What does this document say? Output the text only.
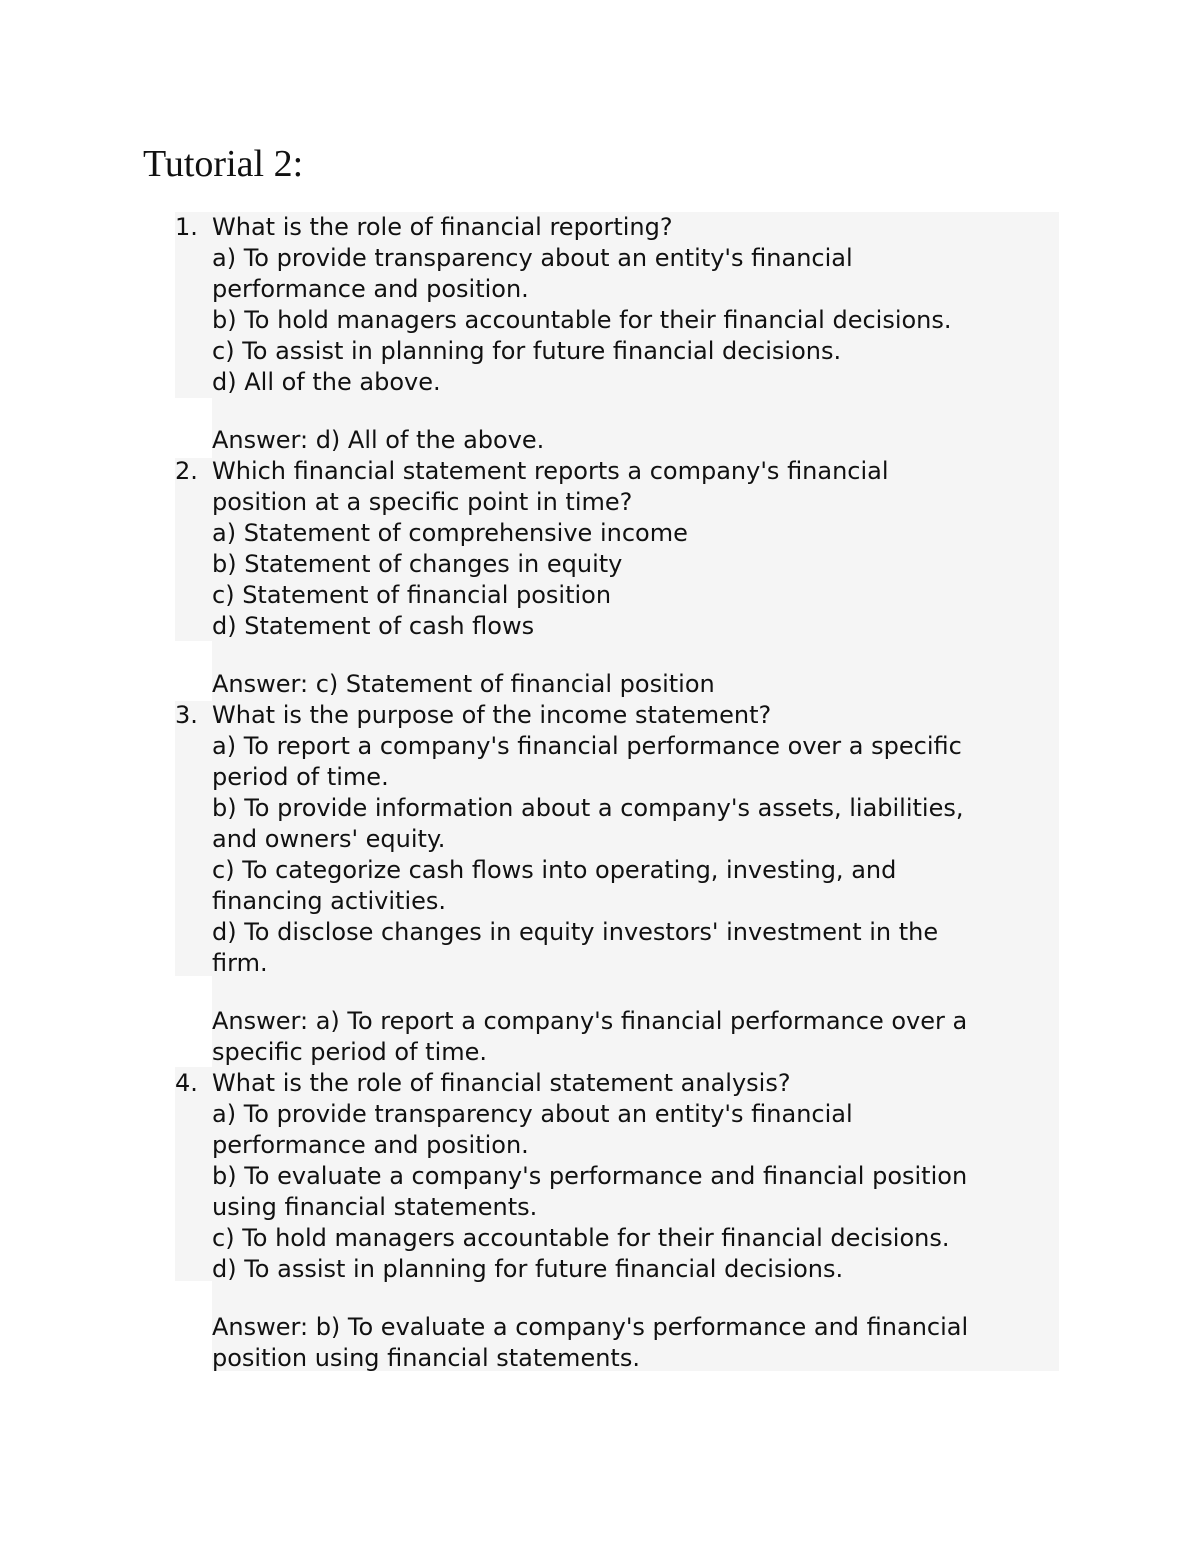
Tutorial 2:
1. What is the role of financial reporting?
a) To provide transparency about an entity's financial
performance and position.
b) To hold managers accountable for their financial decisions.
c) To assist in planning for future financial decisions.
d) All of the above.
Answer: d) All of the above.
2. Which financial statement reports a company's financial
position at a specific point in time?
a) Statement of comprehensive income
b) Statement of changes in equity
c) Statement of financial position
d) Statement of cash flows
Answer: c) Statement of financial position
3. What is the purpose of the income statement?
a) To report a company's financial performance over a specific
period of time.
b) To provide information about a company's assets, liabilities,
and owners' equity.
c) To categorize cash flows into operating, investing, and
financing activities.
d) To disclose changes in equity investors' investment in the
firm.
Answer: a) To report a company's financial performance over a
specific period of time.
4. What is the role of financial statement analysis?
a) To provide transparency about an entity's financial
performance and position.
b) To evaluate a company's performance and financial position
using financial statements.
c) To hold managers accountable for their financial decisions.
d) To assist in planning for future financial decisions.
Answer: b) To evaluate a company's performance and financial
position using financial statements.
